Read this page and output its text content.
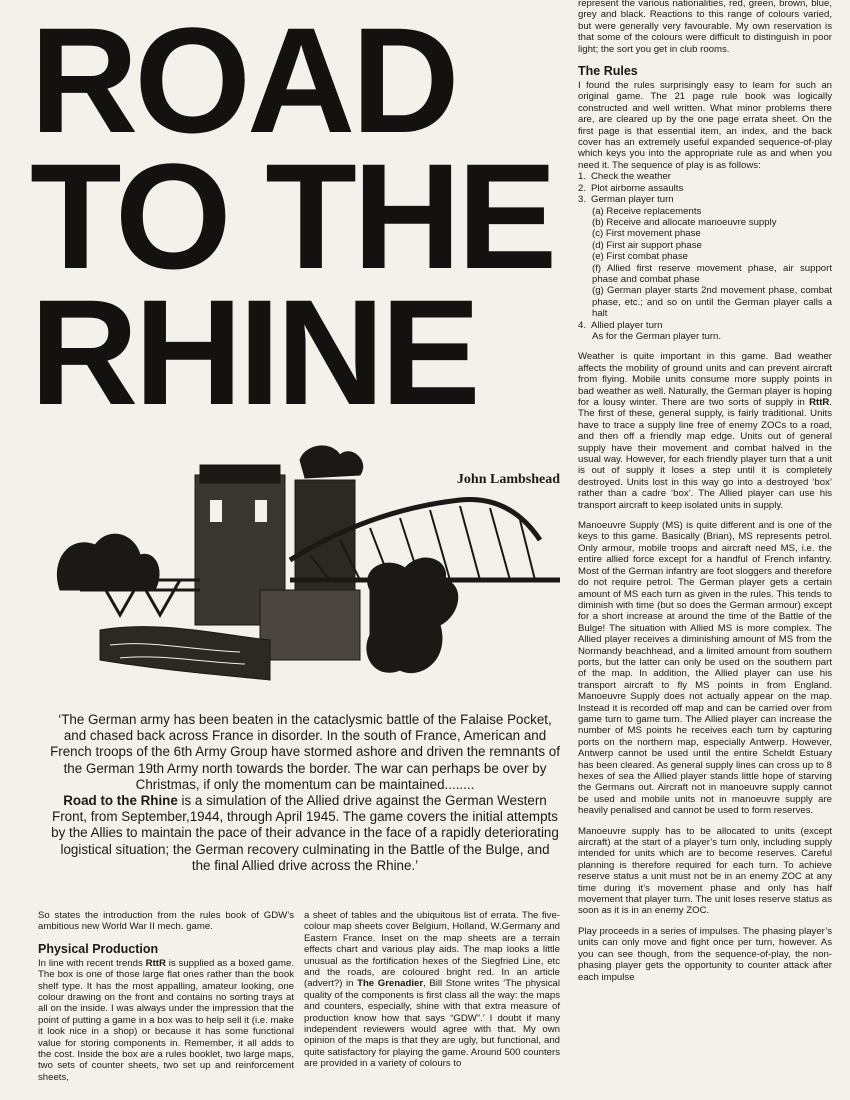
ROAD
TO THE
RHINE
John Lambshead

‘The German army has been beaten in the cataclysmic battle of the Falaise Pocket, and chased back across France in disorder. In the south of France, American and French troops of the 6th Army Group have stormed ashore and driven the remnants of the German 19th Army north towards the border. The war can perhaps be over by Christmas, if only the momentum can be maintained........

Road to the Rhine is a simulation of the Allied drive against the German Western Front, from September,1944, through April 1945. The game covers the initial attempts by the Allies to maintain the pace of their advance in the face of a rapidly deteriorating logistical situation; the German recovery culminating in the Battle of the Bulge, and the final Allied drive across the Rhine.’

So states the introduction from the rules book of GDW’s ambitious new World War II mech. game.

Physical Production

In line with recent trends RttR is supplied as a boxed game. The box is one of those large flat ones rather than the book shelf type. It has the most appalling, amateur looking, one colour drawing on the front and contains no sorting trays at all on the inside. I was always under the impression that the point of putting a game in a box was to help sell it (i.e. make it look nice in a shop) or because it has some functional value for storing components in. Remember, it all adds to the cost. Inside the box are a rules booklet, two large maps, two sets of counter sheets, two set up and reinforcement sheets,

a sheet of tables and the ubiquitous list of errata. The five-colour map sheets cover Belgium, Holland, W.Germany and Eastern France. Inset on the map sheets are a terrain effects chart and various play aids. The map looks a little unusual as the fortification hexes of the Siegfried Line, etc and the roads, are coloured bright red. In an article (advert?) in The Grenadier, Bill Stone writes ‘The physical quality of the components is first class all the way: the maps and counters, especially, shine with that extra measure of production know how that says “GDW”.’ I doubt if many independent reviewers would agree with that. My own opinion of the maps is that they are ugly, but functional, and quite satisfactory for playing the game. Around 500 counters are provided in a variety of colours to

represent the various nationalities, red, green, brown, blue, grey and black. Reactions to this range of colours varied, but were generally very favourable. My own reservation is that some of the colours were difficult to distinguish in poor light; the sort you get in club rooms.

The Rules

I found the rules surprisingly easy to learn for such an original game. The 21 page rule book was logically constructed and well written. What minor problems there are, are cleared up by the one page errata sheet. On the first page is that essential item, an index, and the back cover has an extremely useful expanded sequence-of-play which keys you into the appropriate rule as and when you need it. The sequence of play is as follows:

1. Check the weather
2. Plot airborne assaults
3. German player turn
(a) Receive replacements
(b) Receive and allocate manoeuvre supply
(c) First movement phase
(d) First air support phase
(e) First combat phase
(f) Allied first reserve movement phase, air support phase and combat phase
(g) German player starts 2nd movement phase, combat phase, etc.; and so on until the German player calls a halt
4. Allied player turn
As for the German player turn.

Weather is quite important in this game. Bad weather affects the mobility of ground units and can prevent aircraft from flying. Mobile units consume more supply points in bad weather as well. Naturally, the German player is hoping for a lousy winter. There are two sorts of supply in RttR. The first of these, general supply, is fairly traditional. Units have to trace a supply line free of enemy ZOCs to a road, and then off a friendly map edge. Units out of general supply have their movement and combat halved in the usual way. However, for each friendly player turn that a unit is out of supply it loses a step until it is completely destroyed. Units lost in this way go into a destroyed ‘box’ rather than a cadre ‘box’. The Allied player can use his transport aircraft to keep isolated units in supply.

Manoeuvre Supply (MS) is quite different and is one of the keys to this game. Basically (Brian), MS represents petrol. Only armour, mobile troops and aircraft need MS, i.e. the entire allied force except for a handful of French infantry. Most of the German infantry are foot sloggers and therefore do not require petrol. The German player gets a certain amount of MS each turn as given in the rules. This tends to diminish with time (but so does the German armour) except for a short increase at around the time of the Battle of the Bulge! The situation with Allied MS is more complex. The Allied player receives a diminishing amount of MS from the Normandy beachhead, and a limited amount from southern ports, but the latter can only be used on the southern part of the map. In addition, the Allied player can use his transport aircraft to fly MS points in from England. Manoeuvre Supply does not actually appear on the map. Instead it is recorded off map and can be carried over from game turn to game turn. The Allied player can increase the number of MS points he receives each turn by capturing ports on the northern map, especially Antwerp. However, Antwerp cannot be used until the entire Scheldt Estuary has been cleared. As general supply lines can cross up to 8 hexes of sea the Allied player stands little hope of starving the Germans out. Aircraft not in manoeuvre supply cannot be used and mobile units not in manoeuvre supply are heavily penalised and cannot be used to form reserves.

Manoeuvre supply has to be allocated to units (except aircraft) at the start of a player’s turn only, including supply intended for units which are to become reserves. Careful planning is therefore required for each turn. To achieve reserve status a unit must not be in an enemy ZOC at any time during it’s movement phase and only has half movement that player turn. The unit loses reserve status as soon as it is in an enemy ZOC.

Play proceeds in a series of impulses. The phasing player’s units can only move and fight once per turn, however. As you can see though, from the sequence-of-play, the non-phasing player gets the opportunity to counter attack after each impulse
